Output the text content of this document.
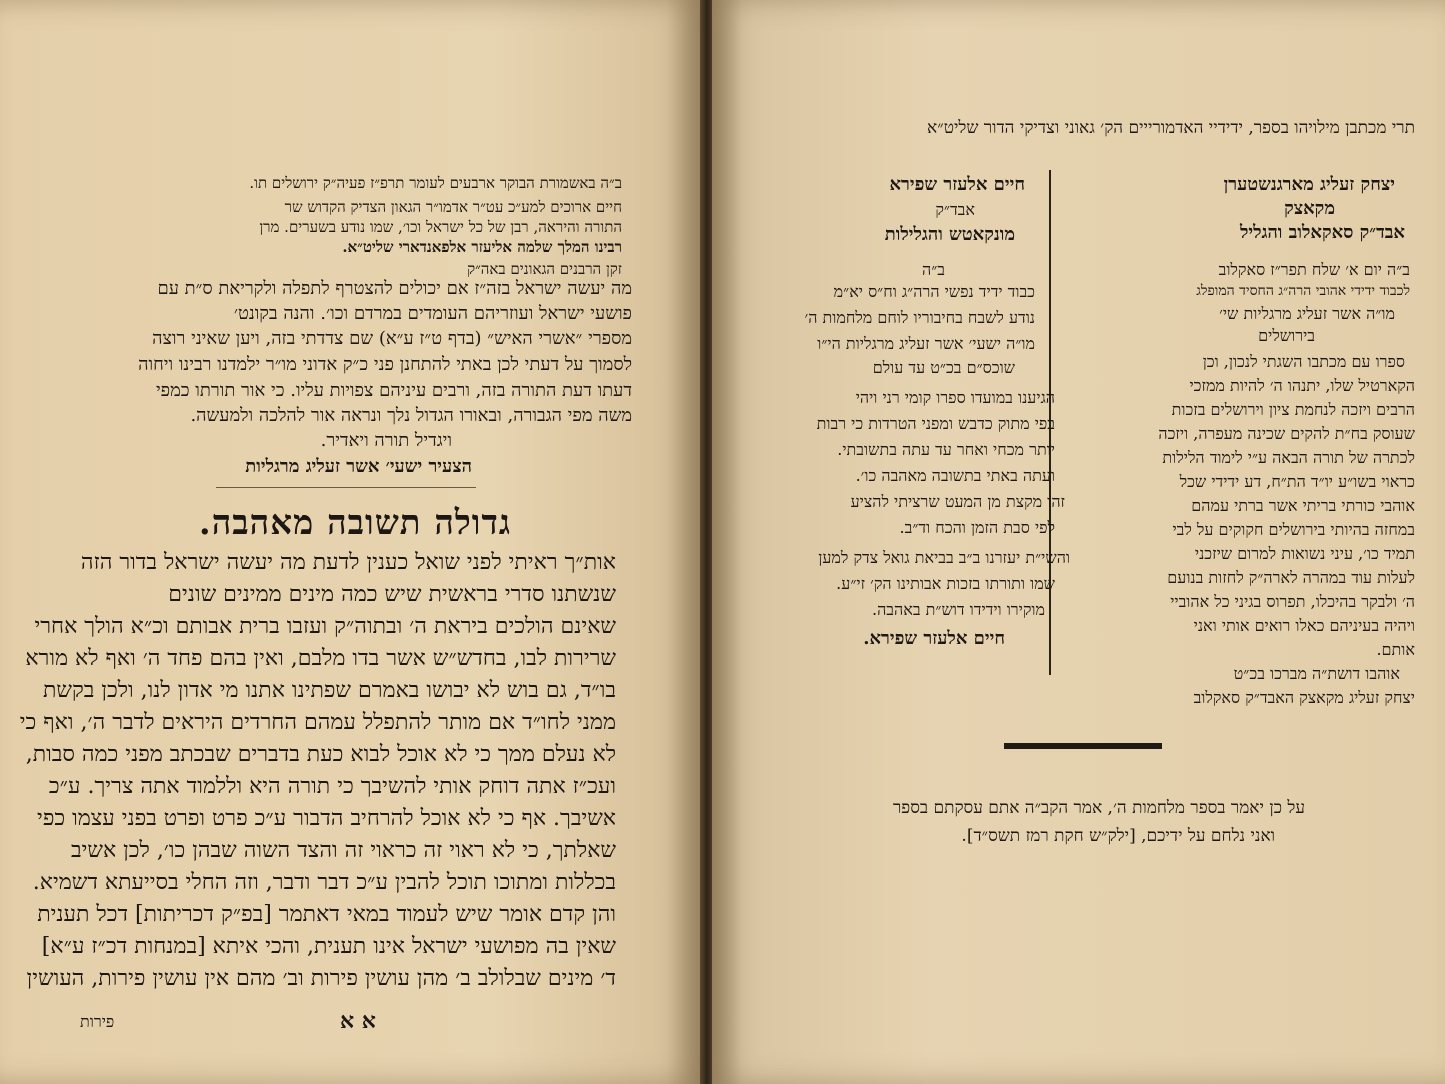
ב״ה באשמורת הבוקר ארבעים לעומר תרפ״ז פעיה״ק ירושלים תו.
חיים ארוכים למע״כ עט״ר אדמו״ר הגאון הצדיק הקדוש שר
התורה והיראה, רבן של כל ישראל וכו׳, שמו נודע בשערים. מרן
רבינו המלך שלמה אליעזר אלפאנדארי שליט״א.
זקן הרבנים הגאונים באה״ק
מה יעשה ישראל בזה״ז אם יכולים להצטרף לתפלה ולקריאת ס״ת עם
פושעי ישראל ועוזריהם העומדים במרדם וכו׳. והנה בקונט׳
מספרי ״אשרי האיש״ (בדף ט״ז ע״א) שם צדדתי בזה, ויען שאיני רוצה
לסמוך על דעתי לכן באתי להתחנן פני כ״ק אדוני מו״ר ילמדנו רבינו ויחוה
דעתו דעת התורה בזה, ורבים עיניהם צפויות עליו. כי אור תורתו כמפי
משה מפי הגבורה, ובאורו הגדול נלך ונראה אור להלכה ולמעשה.
ויגדיל תורה ויאדיר.
הצעיר ישעי׳ אשר זעליג מרגליות
גדולה תשובה מאהבה.
אות״ך ראיתי לפני שואל כענין לדעת מה יעשה ישראל בדור הזה
שנשתנו סדרי בראשית שיש כמה מינים ממינים שונים
שאינם הולכים ביראת ה׳ ובתוה״ק ועזבו ברית אבותם וכ״א הולך אחרי
שרירות לבו, בחדש״ש אשר בדו מלבם, ואין בהם פחד ה׳ ואף לא מורא
בו״ד, גם בוש לא יבושו באמרם שפתינו אתנו מי אדון לנו, ולכן בקשת
ממני לחו״ד אם מותר להתפלל עמהם החרדים היראים לדבר ה׳, ואף כי
לא נעלם ממך כי לא אוכל לבוא כעת בדברים שבכתב מפני כמה סבות,
ועכ״ז אתה דוחק אותי להשיבך כי תורה היא וללמוד אתה צריך. ע״כ
אשיבך. אף כי לא אוכל להרחיב הדבור ע״כ פרט ופרט בפני עצמו כפי
שאלתך, כי לא ראוי זה כראוי זה והצד השוה שבהן כו׳, לכן אשיב
בכללות ומתוכו תוכל להבין ע״כ דבר ודבר, וזה החלי בסייעתא דשמיא.
והן קדם אומר שיש לעמוד במאי דאתמר [בפ״ק דכריתות] דכל תענית
שאין בה מפושעי ישראל אינו תענית, והכי איתא [במנחות דכ״ז ע״א]
ד׳ מינים שבלולב ב׳ מהן עושין פירות וב׳ מהם אין עושין פירות, העושין
א א
פירות
תרי מכתבן מילויהו בספר, ידידיי האדמורייים הק׳ גאוני וצדיקי הדור שליט״א
יצחק זעליג מארגנשטערן
מקאצק
אבד״ק סאקאלוב והגליל
ב״ה יום א׳ שלח תפר״ז סאקלוב
לכבוד ידידי אהובי הרה״ג החסיד המופלג
מו״ה אשר זעליג מרגליות שי׳
בירושלים
ספרו עם מכתבו השגתי לנכון, וכן
הקארטיל שלו, יתנהו ה׳ להיות ממזכי
הרבים ויזכה לנחמת ציון וירושלים בזכות
שעוסק בח״ת להקים שכינה מעפרה, ויזכה
לכתרה של תורה הבאה ע״י לימוד הלילות
כראוי בשו״ע יו״ד הת״ח, דע ידידי שכל
אוהבי כורתי בריתי אשר ברתי עמהם
במחזה בהיותי בירושלים חקוקים על לבי
תמיד כו׳, עיני נשואות למרום שיזכני
לעלות עוד במהרה לארה״ק לחזות בנועם
ה׳ ולבקר בהיכלו, תפרוס בגיני כל אהוביי
ויהיה בעיניהם כאלו רואים אותי ואני
אותם.
אוהבו דושת״ה מברכו בכ״ט
יצחק זעליג מקאצק האבד״ק סאקלוב
חיים אלעזר שפירא
אבד״ק
מונקאטש והגלילות
ב״ה
כבוד ידיד נפשי הרה״ג וח״ס יא״מ
נודע לשבח בחיבוריו לוחם מלחמות ה׳
מו״ה ישעי׳ אשר זעליג מרגליות הי״ו
שוכס״ם בכ״ט עד עולם
הגיענו במועדו ספרו קומי רני ויהי
בפי מתוק כדבש ומפני הטרדות כי רבות
יותר מכחי ואחר עד עתה בתשובתי.
ועתה באתי בתשובה מאהבה כו׳.
זהו מקצת מן המעט שרציתי להציע
לפי סבת הזמן והכח וד״ב.
והשי״ת יעזרנו ב״ב בביאת גואל צדק למען
שמו ותורתו בזכות אבותינו הק׳ זי״ע.
מוקירו וידידו דוש״ת באהבה.
חיים אלעזר שפירא.
על כן יאמר בספר מלחמות ה׳, אמר הקב״ה אתם עסקתם בספר
ואני נלחם על ידיכם, [ילק״ש חקת רמז תשס״ד].
